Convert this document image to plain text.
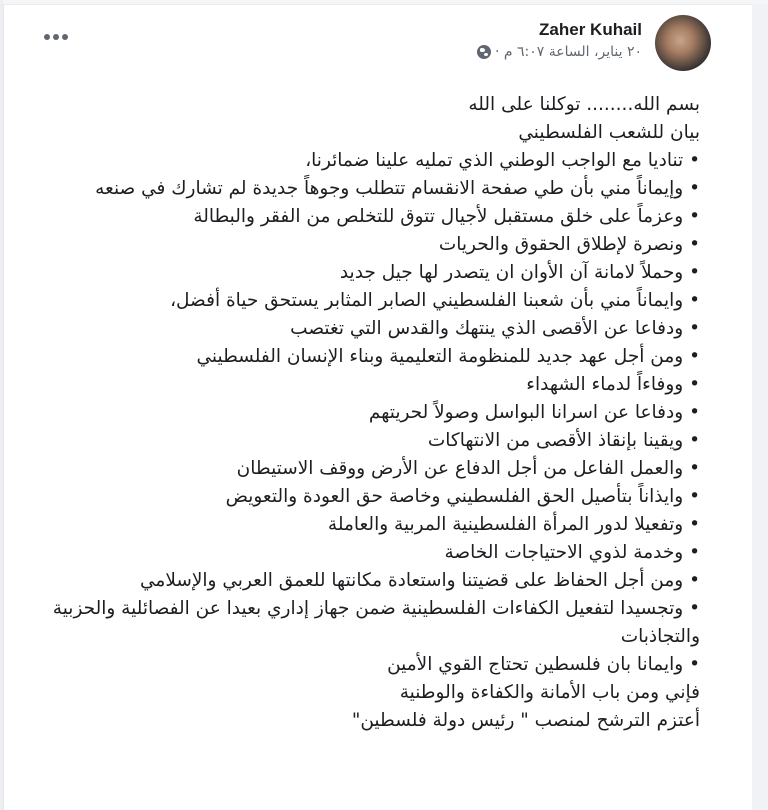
Zaher Kuhail
٢٠ يناير، الساعة ٦:٠٧ م ·

بسم الله........ توكلنا على الله

بيان للشعب الفلسطيني

• تناديا مع الواجب الوطني الذي تمليه علينا ضمائرنا،

• وإيماناً مني بأن طي صفحة الانقسام تتطلب وجوهاً جديدة لم تشارك في صنعه

• وعزماً على خلق مستقبل لأجيال تتوق للتخلص من الفقر والبطالة

• ونصرة لإطلاق الحقوق والحريات

• وحملاً لامانة آن الأوان ان يتصدر لها جيل جديد

• وايماناً مني بأن شعبنا الفلسطيني الصابر المثابر يستحق حياة أفضل،

• ودفاعا عن الأقصى الذي ينتهك والقدس التي تغتصب

• ومن أجل عهد جديد للمنظومة التعليمية وبناء الإنسان الفلسطيني

• ووفاءاً لدماء الشهداء

• ودفاعا عن اسرانا البواسل وصولاً لحريتهم

• ويقينا بإنقاذ الأقصى من الانتهاكات

• والعمل الفاعل من أجل الدفاع عن الأرض ووقف الاستيطان

• وايذاناً بتأصيل الحق الفلسطيني وخاصة حق العودة والتعويض

• وتفعيلا لدور المرأة الفلسطينية المربية والعاملة

• وخدمة لذوي الاحتياجات الخاصة

• ومن أجل الحفاظ على قضيتنا واستعادة مكانتها للعمق العربي والإسلامي

• وتجسيدا لتفعيل الكفاءات الفلسطينية ضمن جهاز إداري بعيدا عن الفصائلية والحزبية والتجاذبات

• وايمانا بان فلسطين تحتاج القوي الأمين

فإني ومن باب الأمانة والكفاءة والوطنية

أعتزم الترشح لمنصب " رئيس دولة فلسطين"
